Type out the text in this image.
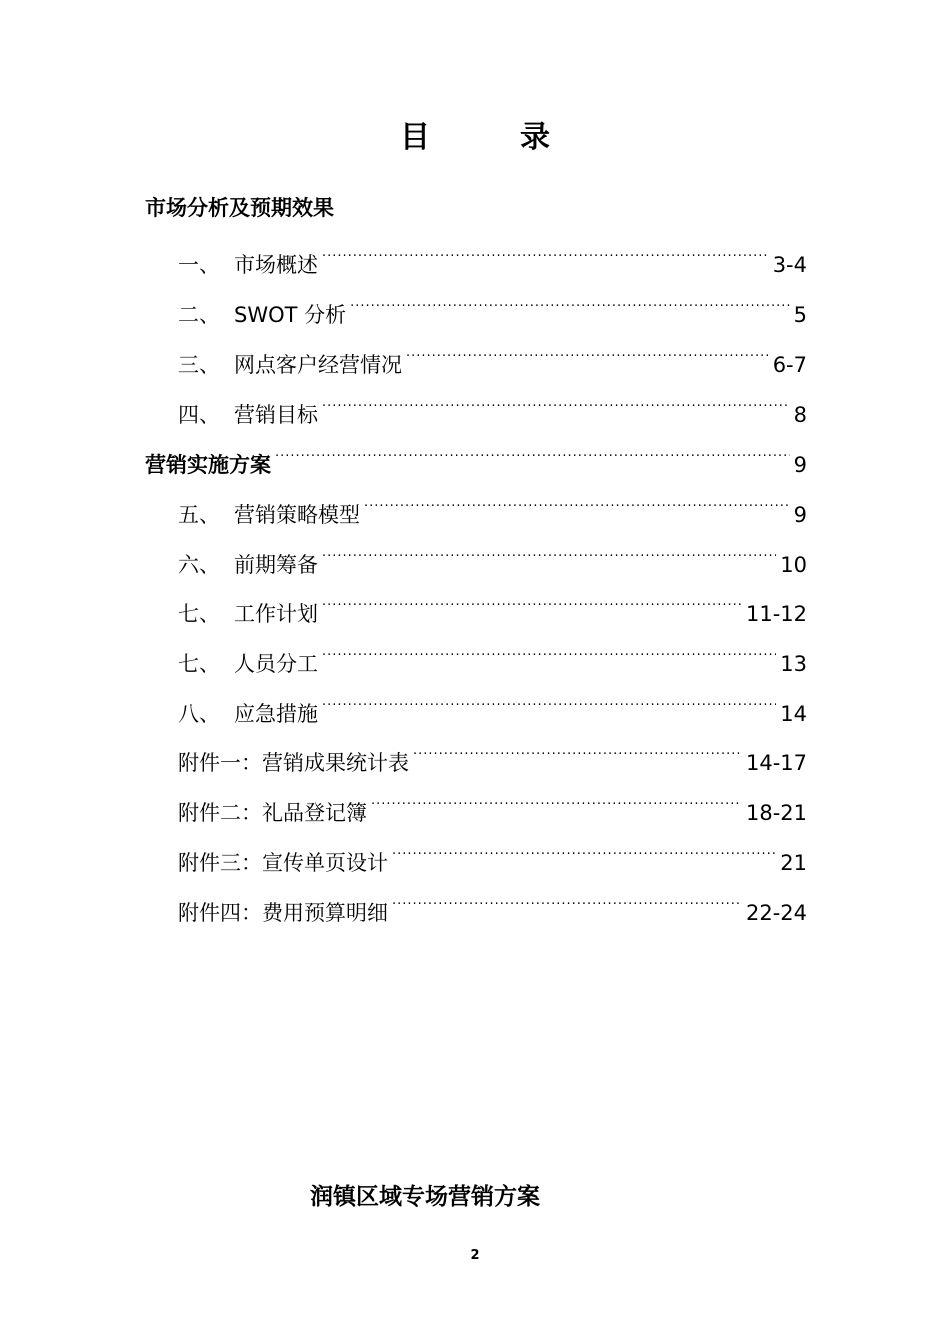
目　录
市场分析及预期效果
一、 市场概述 .....	3-4
二、 SWOT 分析 .....	5
三、 网点客户经营情况 .....	6-7
四、 营销目标 .....	8
营销实施方案 .....	9
五、 营销策略模型 .....	9
六、 前期筹备 .....	10
七、 工作计划 .....	11-12
七、 人员分工 .....	13
八、 应急措施 .....	14
附件一：营销成果统计表 .....	14-17
附件二：礼品登记簿 .....	18-21
附件三：宣传单页设计 .....	21
附件四：费用预算明细 .....	22-24
润镇区域专场营销方案
2
